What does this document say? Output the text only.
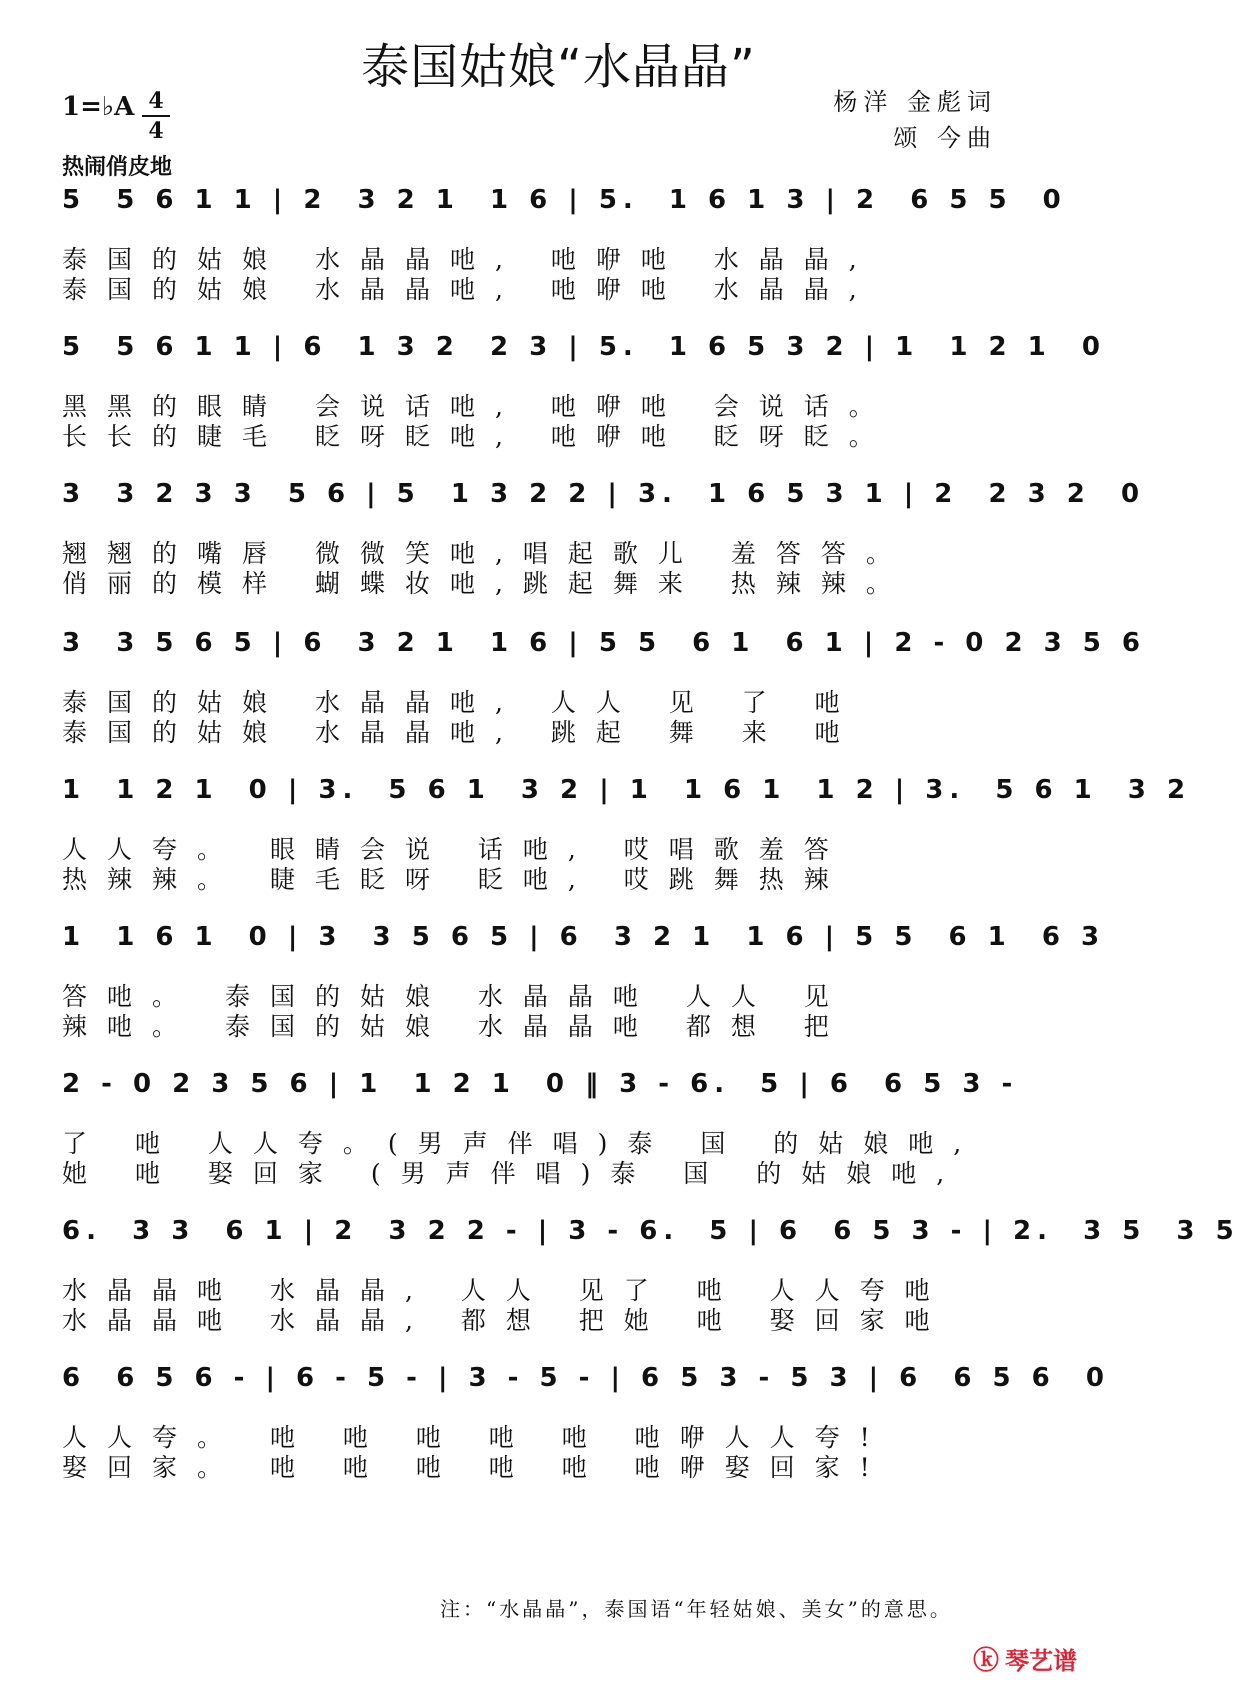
泰国姑娘“水晶晶”
1=♭A 4
4
杨洋 金彪词
颂 今曲
热闹俏皮地
5  5 6 1 1 | 2  3 2 1  1 6 | 5.  1 6 1 3 | 2  6 5 5  0
泰国的姑娘 水晶晶吔, 吔咿吔 水晶晶,
泰国的姑娘 水晶晶吔, 吔咿吔 水晶晶,
5  5 6 1 1 | 6  1 3 2  2 3 | 5.  1 6 5 3 2 | 1  1 2 1  0
黑黑的眼睛 会说话吔, 吔咿吔 会说话。
长长的睫毛 眨呀眨吔, 吔咿吔 眨呀眨。
3  3 2 3 3  5 6 | 5  1 3 2 2 | 3.  1 6 5 3 1 | 2  2 3 2  0
翘翘的嘴唇 微微笑吔,唱起歌儿 羞答答。
俏丽的模样 蝴蝶妆吔,跳起舞来 热辣辣。
3  3 5 6 5 | 6  3 2 1  1 6 | 5 5  6 1  6 1 | 2 - 0 2 3 5 6
泰国的姑娘 水晶晶吔, 人人 见 了 吔
泰国的姑娘 水晶晶吔, 跳起 舞 来 吔
1  1 2 1  0 | 3.  5 6 1  3 2 | 1  1 6 1  1 2 | 3.  5 6 1  3 2
人人夸。 眼睛会说 话吔, 哎唱歌羞答
热辣辣。 睫毛眨呀 眨吔, 哎跳舞热辣
1  1 6 1  0 | 3  3 5 6 5 | 6  3 2 1  1 6 | 5 5  6 1  6 3
答吔。 泰国的姑娘 水晶晶吔 人人 见
辣吔。 泰国的姑娘 水晶晶吔 都想 把
2 - 0 2 3 5 6 | 1  1 2 1  0 ‖ 3 - 6.  5 | 6  6 5 3 -
了 吔 人人夸。(男声伴唱)泰 国 的姑娘吔,
她 吔 娶回家 (男声伴唱)泰 国 的姑娘吔,
6.  3 3  6 1 | 2  3 2 2 - | 3 - 6.  5 | 6  6 5 3 - | 2.  3 5  3 5
水晶晶吔 水晶晶, 人人 见了 吔 人人夸吔
水晶晶吔 水晶晶, 都想 把她 吔 娶回家吔
6  6 5 6 - | 6 - 5 - | 3 - 5 - | 6 5 3 - 5 3 | 6  6 5 6  0
人人夸。 吔 吔 吔 吔 吔 吔咿人人夸!
娶回家。 吔 吔 吔 吔 吔 吔咿娶回家!
注：“水晶晶”，泰国语“年轻姑娘、美女”的意思。
ⓚ 琴艺谱
